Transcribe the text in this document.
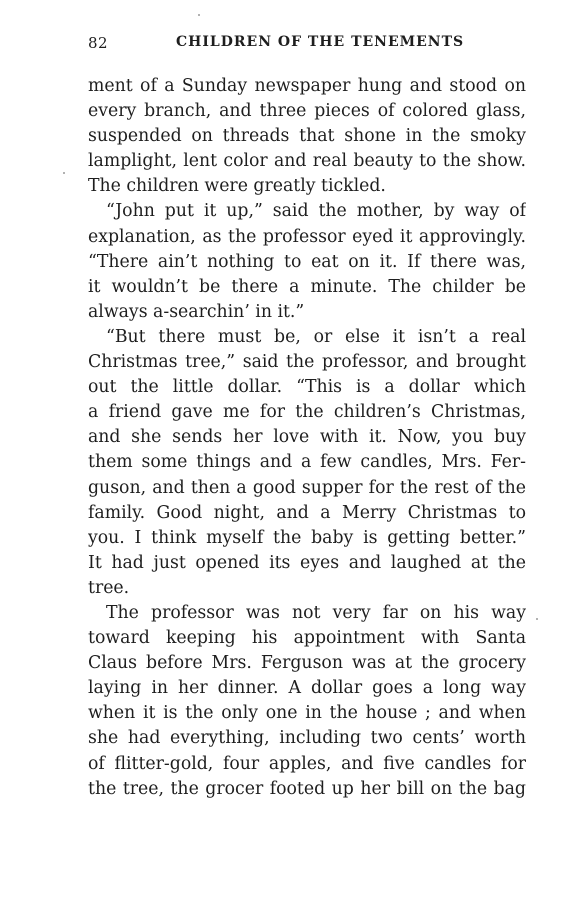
82	CHILDREN OF THE TENEMENTS
ment of a Sunday newspaper hung and stood on
every branch, and three pieces of colored glass,
suspended on threads that shone in the smoky
lamplight, lent color and real beauty to the show.
The children were greatly tickled.
“John put it up,” said the mother, by way of
explanation, as the professor eyed it approvingly.
“There ain’t nothing to eat on it. If there was,
it wouldn’t be there a minute. The childer be
always a-searchin’ in it.”
“But there must be, or else it isn’t a real
Christmas tree,” said the professor, and brought
out the little dollar. “This is a dollar which
a friend gave me for the children’s Christmas,
and she sends her love with it. Now, you buy
them some things and a few candles, Mrs. Fer-
guson, and then a good supper for the rest of the
family. Good night, and a Merry Christmas to
you. I think myself the baby is getting better.”
It had just opened its eyes and laughed at the
tree.
The professor was not very far on his way
toward keeping his appointment with Santa
Claus before Mrs. Ferguson was at the grocery
laying in her dinner. A dollar goes a long way
when it is the only one in the house ; and when
she had everything, including two cents’ worth
of flitter-gold, four apples, and five candles for
the tree, the grocer footed up her bill on the bag
